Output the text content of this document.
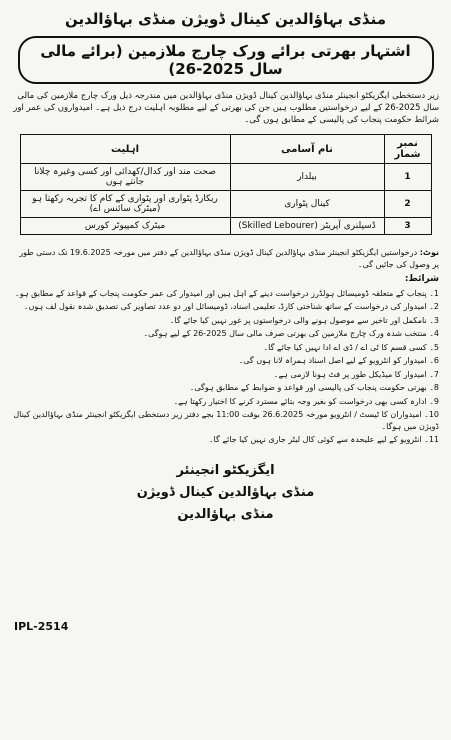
منڈی بہاؤالدین کینال ڈویژن منڈی بہاؤالدین
اشتہار بھرتی برائے ورک چارج ملازمین (برائے مالی سال 2025-26)
زیر دستخطی ایگزیکٹو انجینئر منڈی بہاؤالدین کینال ڈویژن منڈی بہاؤالدین میں مندرجہ ذیل ورک چارج ملازمین کی مالی سال 2025-26 کے لیے درخواستیں مطلوب ہیں جن کی بھرتی کے لیے مطلوبہ اہلیت درج ذیل ہے۔ امیدواروں کی عمر اور شرائط حکومت پنجاب کی پالیسی کے مطابق ہوں گی۔
نمبر شمار	نام آسامی	اہلیت
1	بیلدار	صحت مند اور کدال/کھدائی اور کسی وغیرہ چلانا جانتے ہوں
2	کینال پٹواری	ریکارڈ پٹواری اور پٹواری کے کام کا تجربہ رکھتا ہو (میٹرک سائنس اے)
3	ڈسپلنری آپریٹر (Skilled Lebourer)	میٹرک کمپیوٹر کورس
نوٹ: درخواستیں ایگزیکٹو انجینئر منڈی بہاؤالدین کینال ڈویژن منڈی بہاؤالدین کے دفتر میں مورخہ 19.6.2025 تک دستی طور پر وصول کی جائیں گی۔
شرائط:
1۔ پنجاب کے متعلقہ ڈومیسائل ہولڈرز درخواست دینے کے اہل ہیں اور امیدوار کی عمر حکومت پنجاب کے قواعد کے مطابق ہو۔
2۔ امیدوار کی درخواست کے ساتھ شناختی کارڈ، تعلیمی اسناد، ڈومیسائل اور دو عدد تصاویر کی تصدیق شدہ نقول لف ہوں۔
3۔ نامکمل اور تاخیر سے موصول ہونے والی درخواستوں پر غور نہیں کیا جائے گا۔
4۔ منتخب شدہ ورک چارج ملازمین کی بھرتی صرف مالی سال 2025-26 کے لیے ہوگی۔
5۔ کسی قسم کا ٹی اے / ڈی اے ادا نہیں کیا جائے گا۔
6۔ امیدوار کو انٹرویو کے لیے اصل اسناد ہمراہ لانا ہوں گی۔
7۔ امیدوار کا میڈیکل طور پر فٹ ہونا لازمی ہے۔
8۔ بھرتی حکومت پنجاب کی پالیسی اور قواعد و ضوابط کے مطابق ہوگی۔
9۔ ادارہ کسی بھی درخواست کو بغیر وجہ بتائے مسترد کرنے کا اختیار رکھتا ہے۔
10۔ امیدواران کا ٹیسٹ / انٹرویو مورخہ 26.6.2025 بوقت 11:00 بجے دفتر زیر دستخطی ایگزیکٹو انجینئر منڈی بہاؤالدین کینال ڈویژن میں ہوگا۔
11۔ انٹرویو کے لیے علیحدہ سے کوئی کال لیٹر جاری نہیں کیا جائے گا۔
IPL-2514
ایگزیکٹو انجینئر
منڈی بہاؤالدین کینال ڈویژن
منڈی بہاؤالدین
